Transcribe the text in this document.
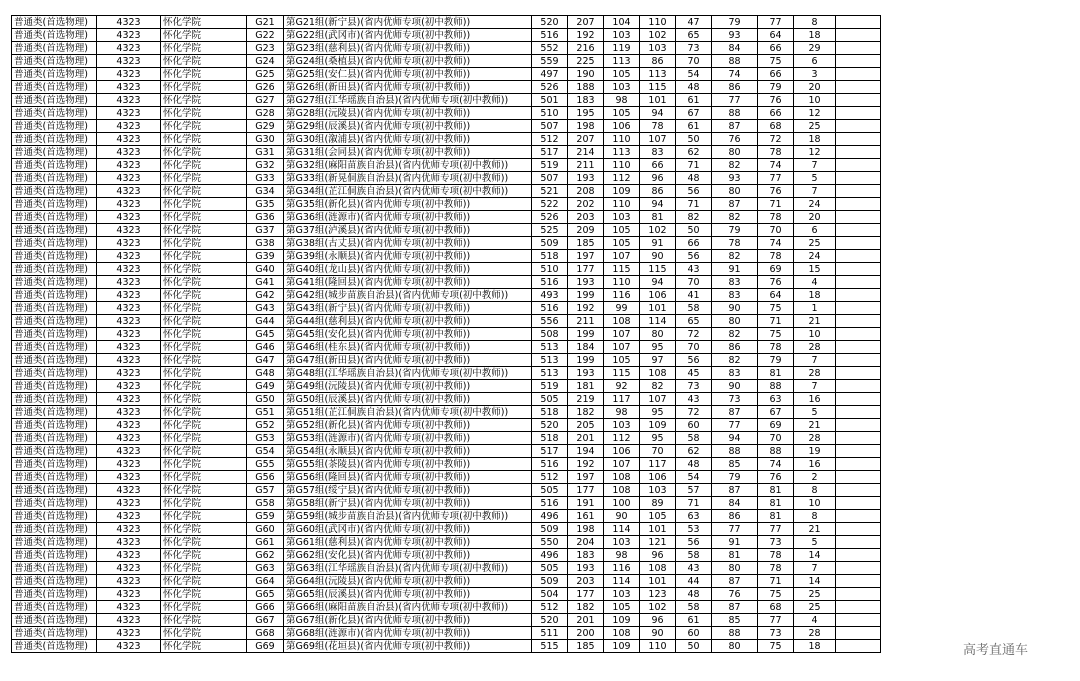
普通类(首选物理)	4323	怀化学院	G21	第G21组(新宁县)(省内优师专项(初中教师))	520	207	104	110	47	79	77	8	
普通类(首选物理)	4323	怀化学院	G22	第G22组(武冈市)(省内优师专项(初中教师))	516	192	103	102	65	93	64	18	
普通类(首选物理)	4323	怀化学院	G23	第G23组(慈利县)(省内优师专项(初中教师))	552	216	119	103	73	84	66	29	
普通类(首选物理)	4323	怀化学院	G24	第G24组(桑植县)(省内优师专项(初中教师))	559	225	113	86	70	88	75	6	
普通类(首选物理)	4323	怀化学院	G25	第G25组(安仁县)(省内优师专项(初中教师))	497	190	105	113	54	74	66	3	
普通类(首选物理)	4323	怀化学院	G26	第G26组(新田县)(省内优师专项(初中教师))	526	188	103	115	48	86	79	20	
普通类(首选物理)	4323	怀化学院	G27	第G27组(江华瑶族自治县)(省内优师专项(初中教师))	501	183	98	101	61	77	76	10	
普通类(首选物理)	4323	怀化学院	G28	第G28组(沅陵县)(省内优师专项(初中教师))	510	195	105	94	67	88	66	12	
普通类(首选物理)	4323	怀化学院	G29	第G29组(辰溪县)(省内优师专项(初中教师))	507	198	106	78	61	87	68	25	
普通类(首选物理)	4323	怀化学院	G30	第G30组(溆浦县)(省内优师专项(初中教师))	512	207	110	107	50	76	72	18	
普通类(首选物理)	4323	怀化学院	G31	第G31组(会同县)(省内优师专项(初中教师))	517	214	113	83	62	80	78	12	
普通类(首选物理)	4323	怀化学院	G32	第G32组(麻阳苗族自治县)(省内优师专项(初中教师))	519	211	110	66	71	82	74	7	
普通类(首选物理)	4323	怀化学院	G33	第G33组(新晃侗族自治县)(省内优师专项(初中教师))	507	193	112	96	48	93	77	5	
普通类(首选物理)	4323	怀化学院	G34	第G34组(芷江侗族自治县)(省内优师专项(初中教师))	521	208	109	86	56	80	76	7	
普通类(首选物理)	4323	怀化学院	G35	第G35组(新化县)(省内优师专项(初中教师))	522	202	110	94	71	87	71	24	
普通类(首选物理)	4323	怀化学院	G36	第G36组(涟源市)(省内优师专项(初中教师))	526	203	103	81	82	82	78	20	
普通类(首选物理)	4323	怀化学院	G37	第G37组(泸溪县)(省内优师专项(初中教师))	525	209	105	102	50	79	70	6	
普通类(首选物理)	4323	怀化学院	G38	第G38组(古丈县)(省内优师专项(初中教师))	509	185	105	91	66	78	74	25	
普通类(首选物理)	4323	怀化学院	G39	第G39组(永顺县)(省内优师专项(初中教师))	518	197	107	90	56	82	78	24	
普通类(首选物理)	4323	怀化学院	G40	第G40组(龙山县)(省内优师专项(初中教师))	510	177	115	115	43	91	69	15	
普通类(首选物理)	4323	怀化学院	G41	第G41组(隆回县)(省内优师专项(初中教师))	516	193	110	94	70	83	76	4	
普通类(首选物理)	4323	怀化学院	G42	第G42组(城步苗族自治县)(省内优师专项(初中教师))	493	199	116	106	41	83	64	18	
普通类(首选物理)	4323	怀化学院	G43	第G43组(新宁县)(省内优师专项(初中教师))	516	192	99	101	58	90	75	1	
普通类(首选物理)	4323	怀化学院	G44	第G44组(慈利县)(省内优师专项(初中教师))	556	211	108	114	65	80	71	21	
普通类(首选物理)	4323	怀化学院	G45	第G45组(安化县)(省内优师专项(初中教师))	508	199	107	80	72	82	75	10	
普通类(首选物理)	4323	怀化学院	G46	第G46组(桂东县)(省内优师专项(初中教师))	513	184	107	95	70	86	78	28	
普通类(首选物理)	4323	怀化学院	G47	第G47组(新田县)(省内优师专项(初中教师))	513	199	105	97	56	82	79	7	
普通类(首选物理)	4323	怀化学院	G48	第G48组(江华瑶族自治县)(省内优师专项(初中教师))	513	193	115	108	45	83	81	28	
普通类(首选物理)	4323	怀化学院	G49	第G49组(沅陵县)(省内优师专项(初中教师))	519	181	92	82	73	90	88	7	
普通类(首选物理)	4323	怀化学院	G50	第G50组(辰溪县)(省内优师专项(初中教师))	505	219	117	107	43	73	63	16	
普通类(首选物理)	4323	怀化学院	G51	第G51组(芷江侗族自治县)(省内优师专项(初中教师))	518	182	98	95	72	87	67	5	
普通类(首选物理)	4323	怀化学院	G52	第G52组(新化县)(省内优师专项(初中教师))	520	205	103	109	60	77	69	21	
普通类(首选物理)	4323	怀化学院	G53	第G53组(涟源市)(省内优师专项(初中教师))	518	201	112	95	58	94	70	28	
普通类(首选物理)	4323	怀化学院	G54	第G54组(永顺县)(省内优师专项(初中教师))	517	194	106	70	62	88	88	19	
普通类(首选物理)	4323	怀化学院	G55	第G55组(茶陵县)(省内优师专项(初中教师))	516	192	107	117	48	85	74	16	
普通类(首选物理)	4323	怀化学院	G56	第G56组(隆回县)(省内优师专项(初中教师))	512	197	108	106	54	79	76	2	
普通类(首选物理)	4323	怀化学院	G57	第G57组(绥宁县)(省内优师专项(初中教师))	505	177	108	103	57	87	81	8	
普通类(首选物理)	4323	怀化学院	G58	第G58组(新宁县)(省内优师专项(初中教师))	516	191	100	89	71	84	81	10	
普通类(首选物理)	4323	怀化学院	G59	第G59组(城步苗族自治县)(省内优师专项(初中教师))	496	161	90	105	63	86	81	8	
普通类(首选物理)	4323	怀化学院	G60	第G60组(武冈市)(省内优师专项(初中教师))	509	198	114	101	53	77	77	21	
普通类(首选物理)	4323	怀化学院	G61	第G61组(慈利县)(省内优师专项(初中教师))	550	204	103	121	56	91	73	5	
普通类(首选物理)	4323	怀化学院	G62	第G62组(安化县)(省内优师专项(初中教师))	496	183	98	96	58	81	78	14	
普通类(首选物理)	4323	怀化学院	G63	第G63组(江华瑶族自治县)(省内优师专项(初中教师))	505	193	116	108	43	80	78	7	
普通类(首选物理)	4323	怀化学院	G64	第G64组(沅陵县)(省内优师专项(初中教师))	509	203	114	101	44	87	71	14	
普通类(首选物理)	4323	怀化学院	G65	第G65组(辰溪县)(省内优师专项(初中教师))	504	177	103	123	48	76	75	25	
普通类(首选物理)	4323	怀化学院	G66	第G66组(麻阳苗族自治县)(省内优师专项(初中教师))	512	182	105	102	58	87	68	25	
普通类(首选物理)	4323	怀化学院	G67	第G67组(新化县)(省内优师专项(初中教师))	520	201	109	96	61	85	77	4	
普通类(首选物理)	4323	怀化学院	G68	第G68组(涟源市)(省内优师专项(初中教师))	511	200	108	90	60	88	73	28	
普通类(首选物理)	4323	怀化学院	G69	第G69组(花垣县)(省内优师专项(初中教师))	515	185	109	110	50	80	75	18		高考直通车
